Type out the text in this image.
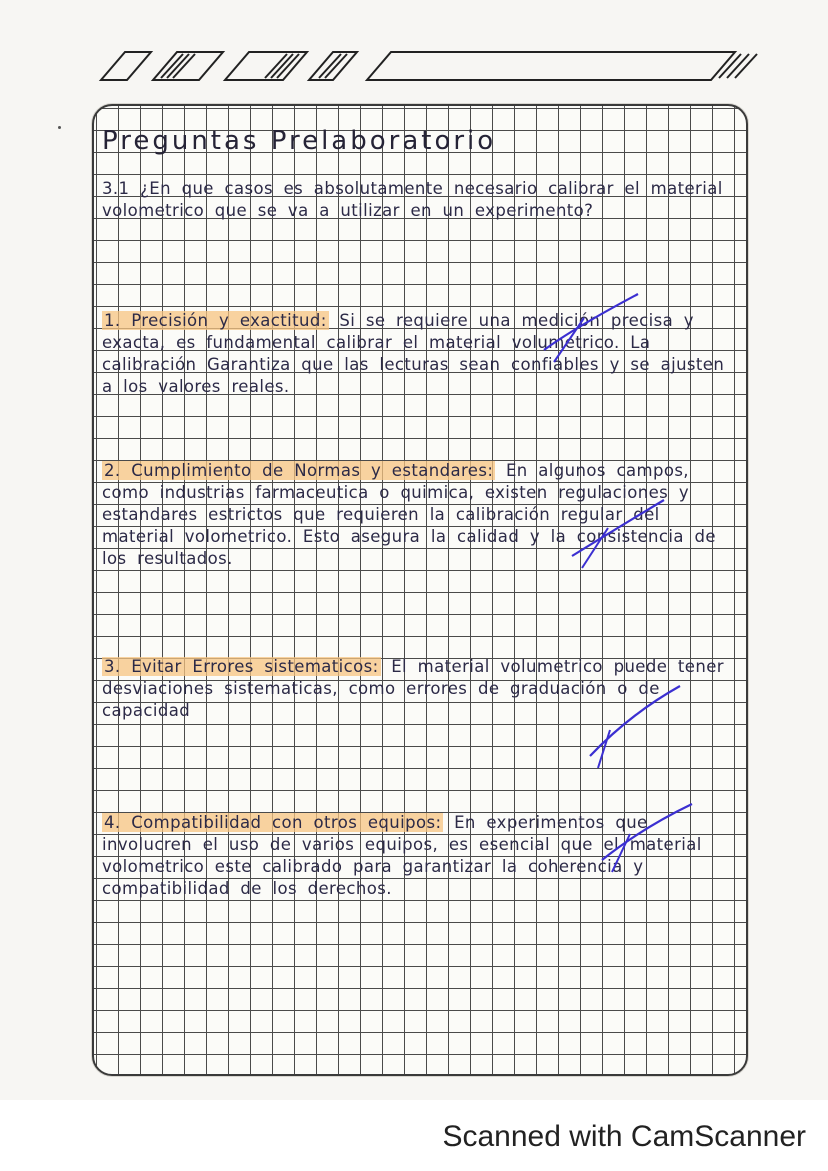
Preguntas Prelaboratorio
3.1 ¿En que casos es absolutamente necesario calibrar el material volometrico que se va a utilizar en un experimento?
1. Precisión y exactitud: Si se requiere una medición precisa y exacta, es fundamental calibrar el material volumetrico. La calibración Garantiza que las lecturas sean confiables y se ajusten a los valores reales.
2. Cumplimiento de Normas y estandares: En algunos campos, como industrias farmaceutica o quimica, existen regulaciones y estandares estrictos que requieren la calibración regular del material volometrico. Esto asegura la calidad y la consistencia de los resultados.
3. Evitar Errores sistematicos: El material volumetrico puede tener desviaciones sistematicas, como errores de graduación o de capacidad
4. Compatibilidad con otros equipos: En experimentos que involucren el uso de varios equipos, es esencial que el material volometrico este calibrado para garantizar la coherencia y compatibilidad de los derechos.
Scanned with CamScanner
